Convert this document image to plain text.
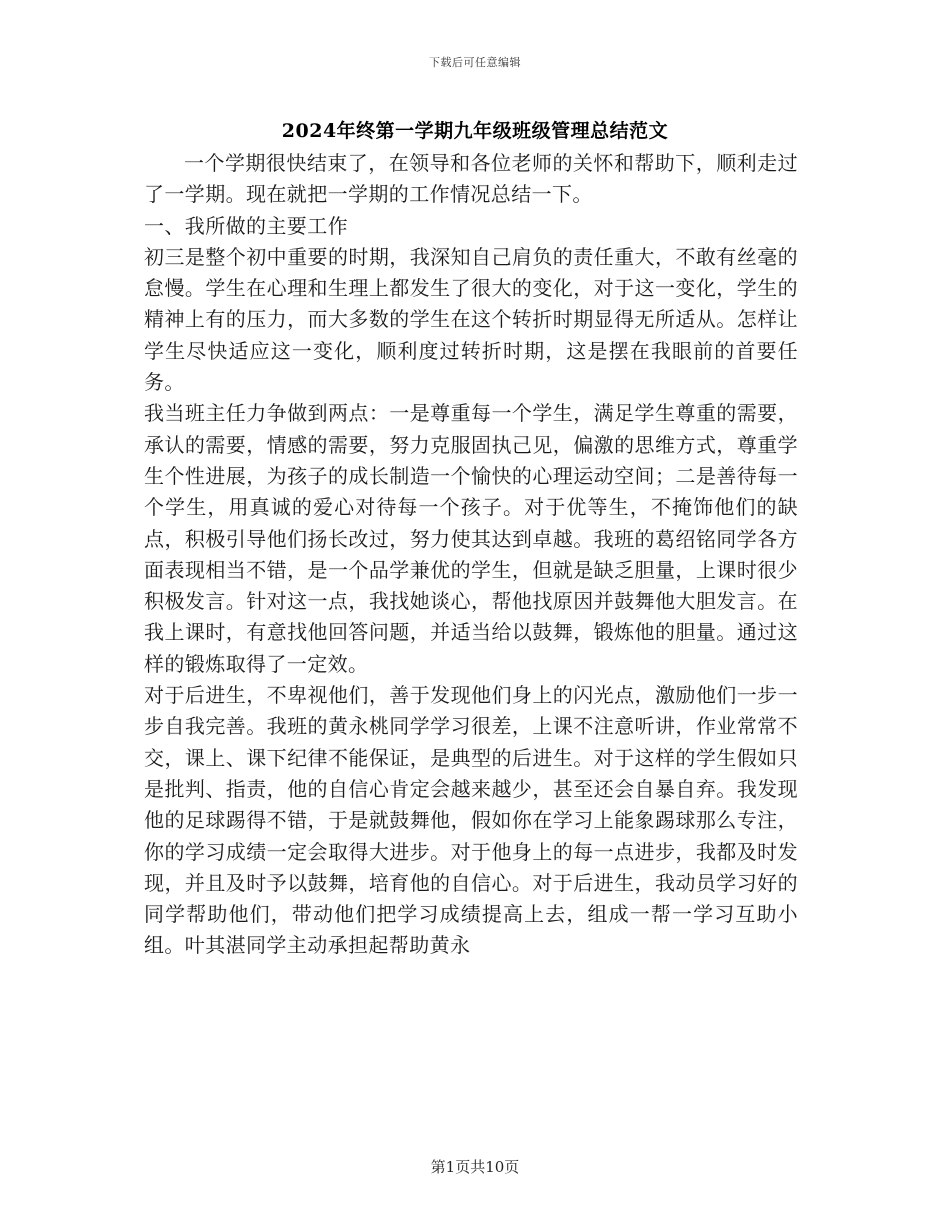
下载后可任意编辑
2024年终第一学期九年级班级管理总结范文

一个学期很快结束了，在领导和各位老师的关怀和帮助下，顺利走过了一学期。现在就把一学期的工作情况总结一下。

一、我所做的主要工作

初三是整个初中重要的时期，我深知自己肩负的责任重大，不敢有丝毫的怠慢。学生在心理和生理上都发生了很大的变化，对于这一变化，学生的精神上有的压力，而大多数的学生在这个转折时期显得无所适从。怎样让学生尽快适应这一变化，顺利度过转折时期，这是摆在我眼前的首要任务。

我当班主任力争做到两点：一是尊重每一个学生，满足学生尊重的需要，承认的需要，情感的需要，努力克服固执己见，偏激的思维方式，尊重学生个性进展，为孩子的成长制造一个愉快的心理运动空间；二是善待每一个学生，用真诚的爱心对待每一个孩子。对于优等生，不掩饰他们的缺点，积极引导他们扬长改过，努力使其达到卓越。我班的葛绍铭同学各方面表现相当不错，是一个品学兼优的学生，但就是缺乏胆量，上课时很少积极发言。针对这一点，我找她谈心，帮他找原因并鼓舞他大胆发言。在我上课时，有意找他回答问题，并适当给以鼓舞，锻炼他的胆量。通过这样的锻炼取得了一定效。

对于后进生，不卑视他们，善于发现他们身上的闪光点，激励他们一步一步自我完善。我班的黄永桃同学学习很差，上课不注意听讲，作业常常不交，课上、课下纪律不能保证，是典型的后进生。对于这样的学生假如只是批判、指责，他的自信心肯定会越来越少，甚至还会自暴自弃。我发现他的足球踢得不错，于是就鼓舞他，假如你在学习上能象踢球那么专注，你的学习成绩一定会取得大进步。对于他身上的每一点进步，我都及时发现，并且及时予以鼓舞，培育他的自信心。对于后进生，我动员学习好的同学帮助他们，带动他们把学习成绩提高上去，组成一帮一学习互助小组。叶其湛同学主动承担起帮助黄永

第1页共10页
